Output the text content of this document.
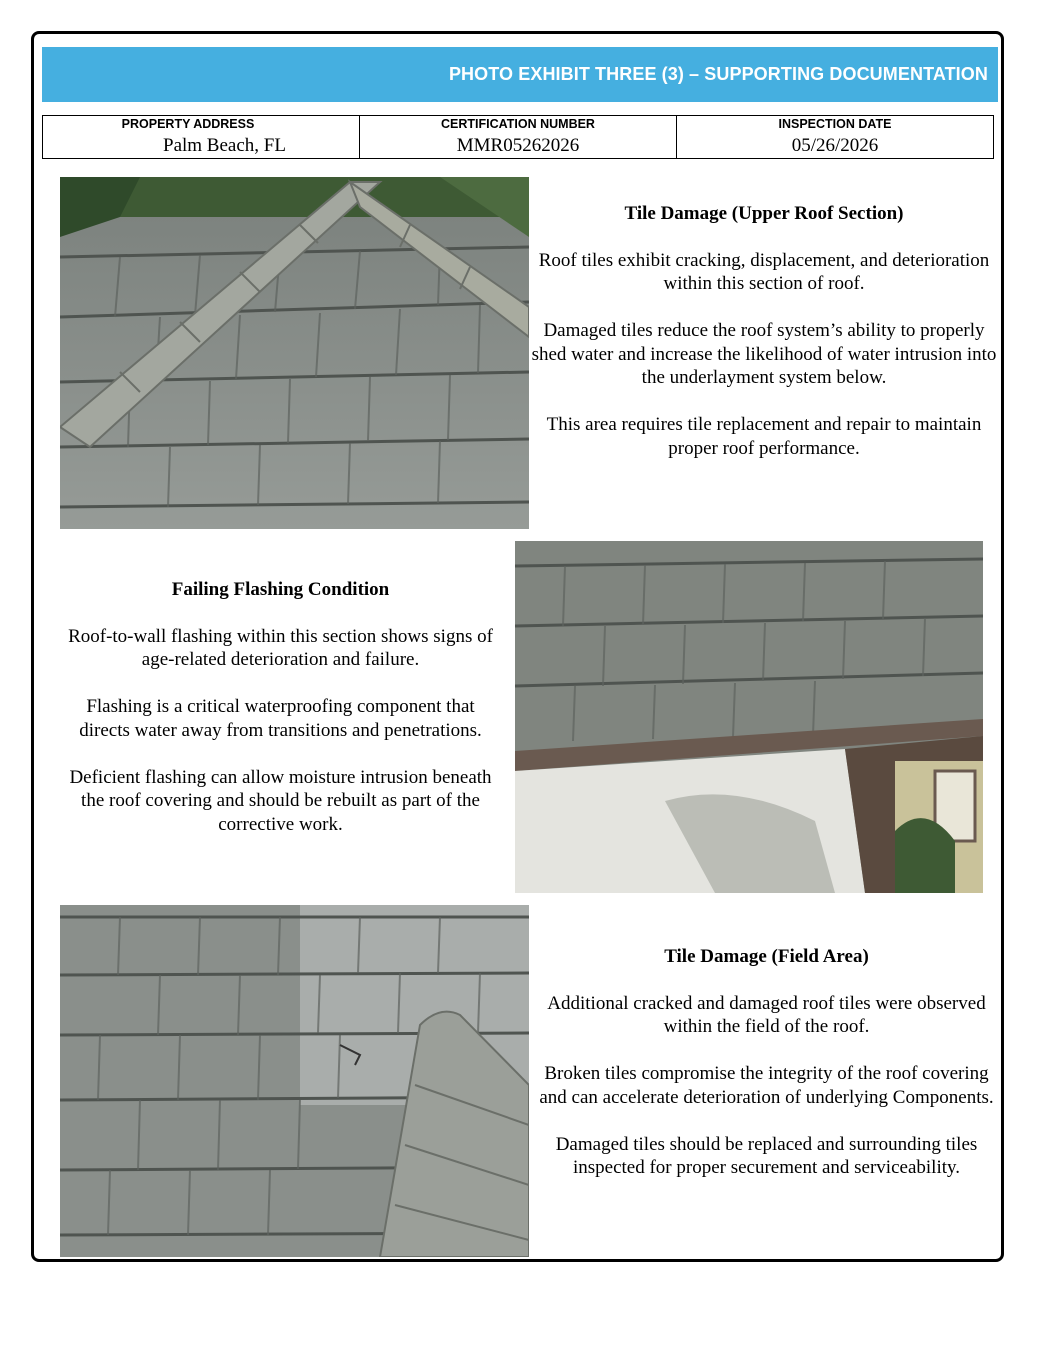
PHOTO EXHIBIT THREE (3) – SUPPORTING DOCUMENTATION
PROPERTY ADDRESS
Palm Beach, FL
CERTIFICATION NUMBER
MMR05262026
INSPECTION DATE
05/26/2026
Tile Damage (Upper Roof Section)

Roof tiles exhibit cracking, displacement, and deterioration within this section of roof.

Damaged tiles reduce the roof system’s ability to properly shed water and increase the likelihood of water intrusion into the underlayment system below.

This area requires tile replacement and repair to maintain proper roof performance.

Failing Flashing Condition

Roof-to-wall flashing within this section shows signs of age-related deterioration and failure.

Flashing is a critical waterproofing component that directs water away from transitions and penetrations.

Deficient flashing can allow moisture intrusion beneath the roof covering and should be rebuilt as part of the corrective work.

Tile Damage (Field Area)

Additional cracked and damaged roof tiles were observed within the field of the roof.

Broken tiles compromise the integrity of the roof covering and can accelerate deterioration of underlying Components.

Damaged tiles should be replaced and surrounding tiles inspected for proper securement and serviceability.
